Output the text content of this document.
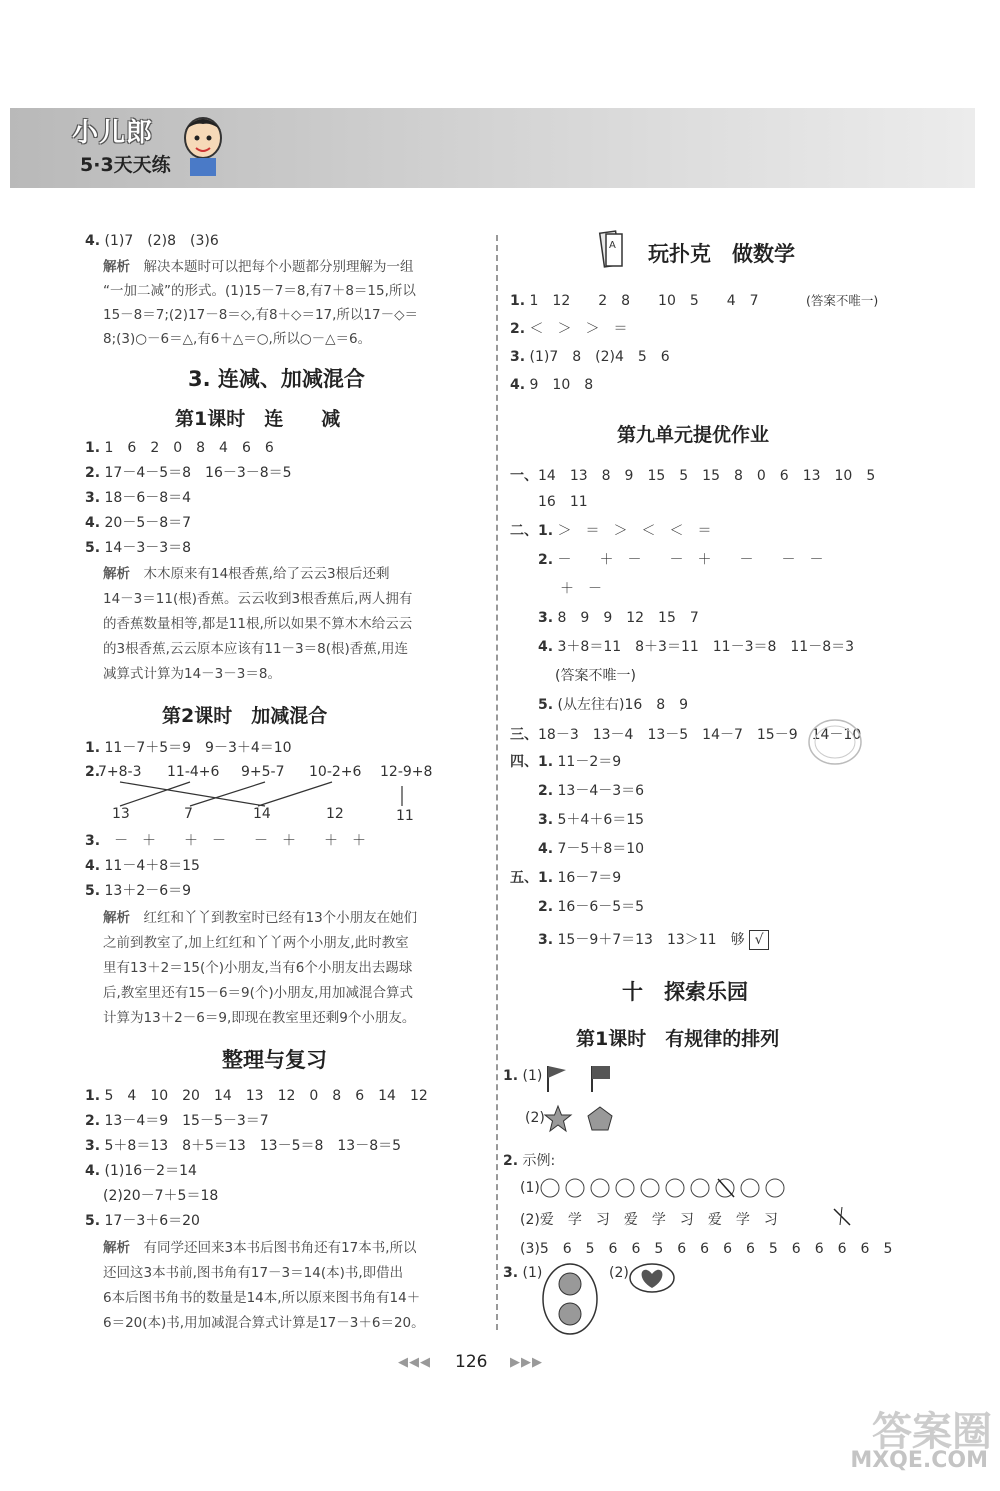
小儿郎
5·3天天练
4. (1)7　(2)8　(3)6
解析　 解决本题时可以把每个小题都分别理解为一组
“一加二减”的形式。(1)15－7＝8,有7＋8＝15,所以
15－8＝7;(2)17－8＝◇,有8＋◇＝17,所以17－◇＝
8;(3)○－6＝△,有6＋△＝○,所以○－△＝6。
3. 连减、加减混合
第1课时　连　　减
1. 1　6　2　0　8　4　6　6
2. 17－4－5＝8　16－3－8＝5
3. 18－6－8＝4
4. 20－5－8＝7
5. 14－3－3＝8
解析　 木木原来有14根香蕉,给了云云3根后还剩
14－3＝11(根)香蕉。云云收到3根香蕉后,两人拥有
的香蕉数量相等,都是11根,所以如果不算木木给云云
的3根香蕉,云云原本应该有11－3＝8(根)香蕉,用连
减算式计算为14－3－3＝8。
第2课时　加减混合
1. 11－7＋5＝9　9－3＋4＝10
2.
7+8-3 11-4+6 9+5-7 10-2+6 12-9+8
13	7	14	12	11
3.　 －　＋　　＋　－　　－　＋　　＋　＋
4. 11－4＋8＝15
5. 13＋2－6＝9
解析　 红红和丫丫到教室时已经有13个小朋友在她们
之前到教室了,加上红红和丫丫两个小朋友,此时教室
里有13＋2＝15(个)小朋友,当有6个小朋友出去踢球
后,教室里还有15－6＝9(个)小朋友,用加减混合算式
计算为13＋2－6＝9,即现在教室里还剩9个小朋友。
整理与复习
1. 5　4　10　20　14　13　12　0　8　6　14　12
2. 13－4＝9　15－5－3＝7
3. 5＋8＝13　8＋5＝13　13－5＝8　13－8＝5
4. (1)16－2＝14
(2)20－7＋5＝18
5. 17－3＋6＝20
解析　 有同学还回来3本书后图书角还有17本书,所以
还回这3本书前,图书角有17－3＝14(本)书,即借出
6本后图书角书的数量是14本,所以原来图书角有14＋
6＝20(本)书,用加减混合算式计算是17－3＋6＝20。
A 玩扑克　做数学
1. 1　12　　2　8　　10　5　　4　7	(答案不唯一)
2. ＜　＞　＞　＝
3. (1)7　8　(2)4　5　6
4. 9　10　8
第九单元提优作业
一、14　13　8　9　15　5　15　8　0　6　13　10　5
16　11
二、1. ＞　＝　＞　＜　＜　＝
2. －　　＋　－　　－　＋　　－　　－　－
＋　－
3. 8　9　9　12　15　7
4. 3＋8＝11　8＋3＝11　11－3＝8　11－8＝3
(答案不唯一)
5. (从左往右)16　8　9
三、18－3　13－4　13－5　14－7　15－9　14－10
四、1. 11－2＝9
2. 13－4－3＝6
3. 5＋4＋6＝15
4. 7－5＋8＝10
五、1. 16－7＝9
2. 16－6－5＝5
3. 15－9＋7＝13　13＞11　够 √
十　探索乐园
第1课时　有规律的排列
1. (1)
(2)
2. 示例:
(1)
(2)爱　学　习　爱　学　习　爱　学　习
(3)5　6　5　6　6　5　6　6　6　6　5　6　6　6　6　5
3. (1)	(2)
◀◀◀ 126 ▶▶▶
答案圈
MXQE.COM
